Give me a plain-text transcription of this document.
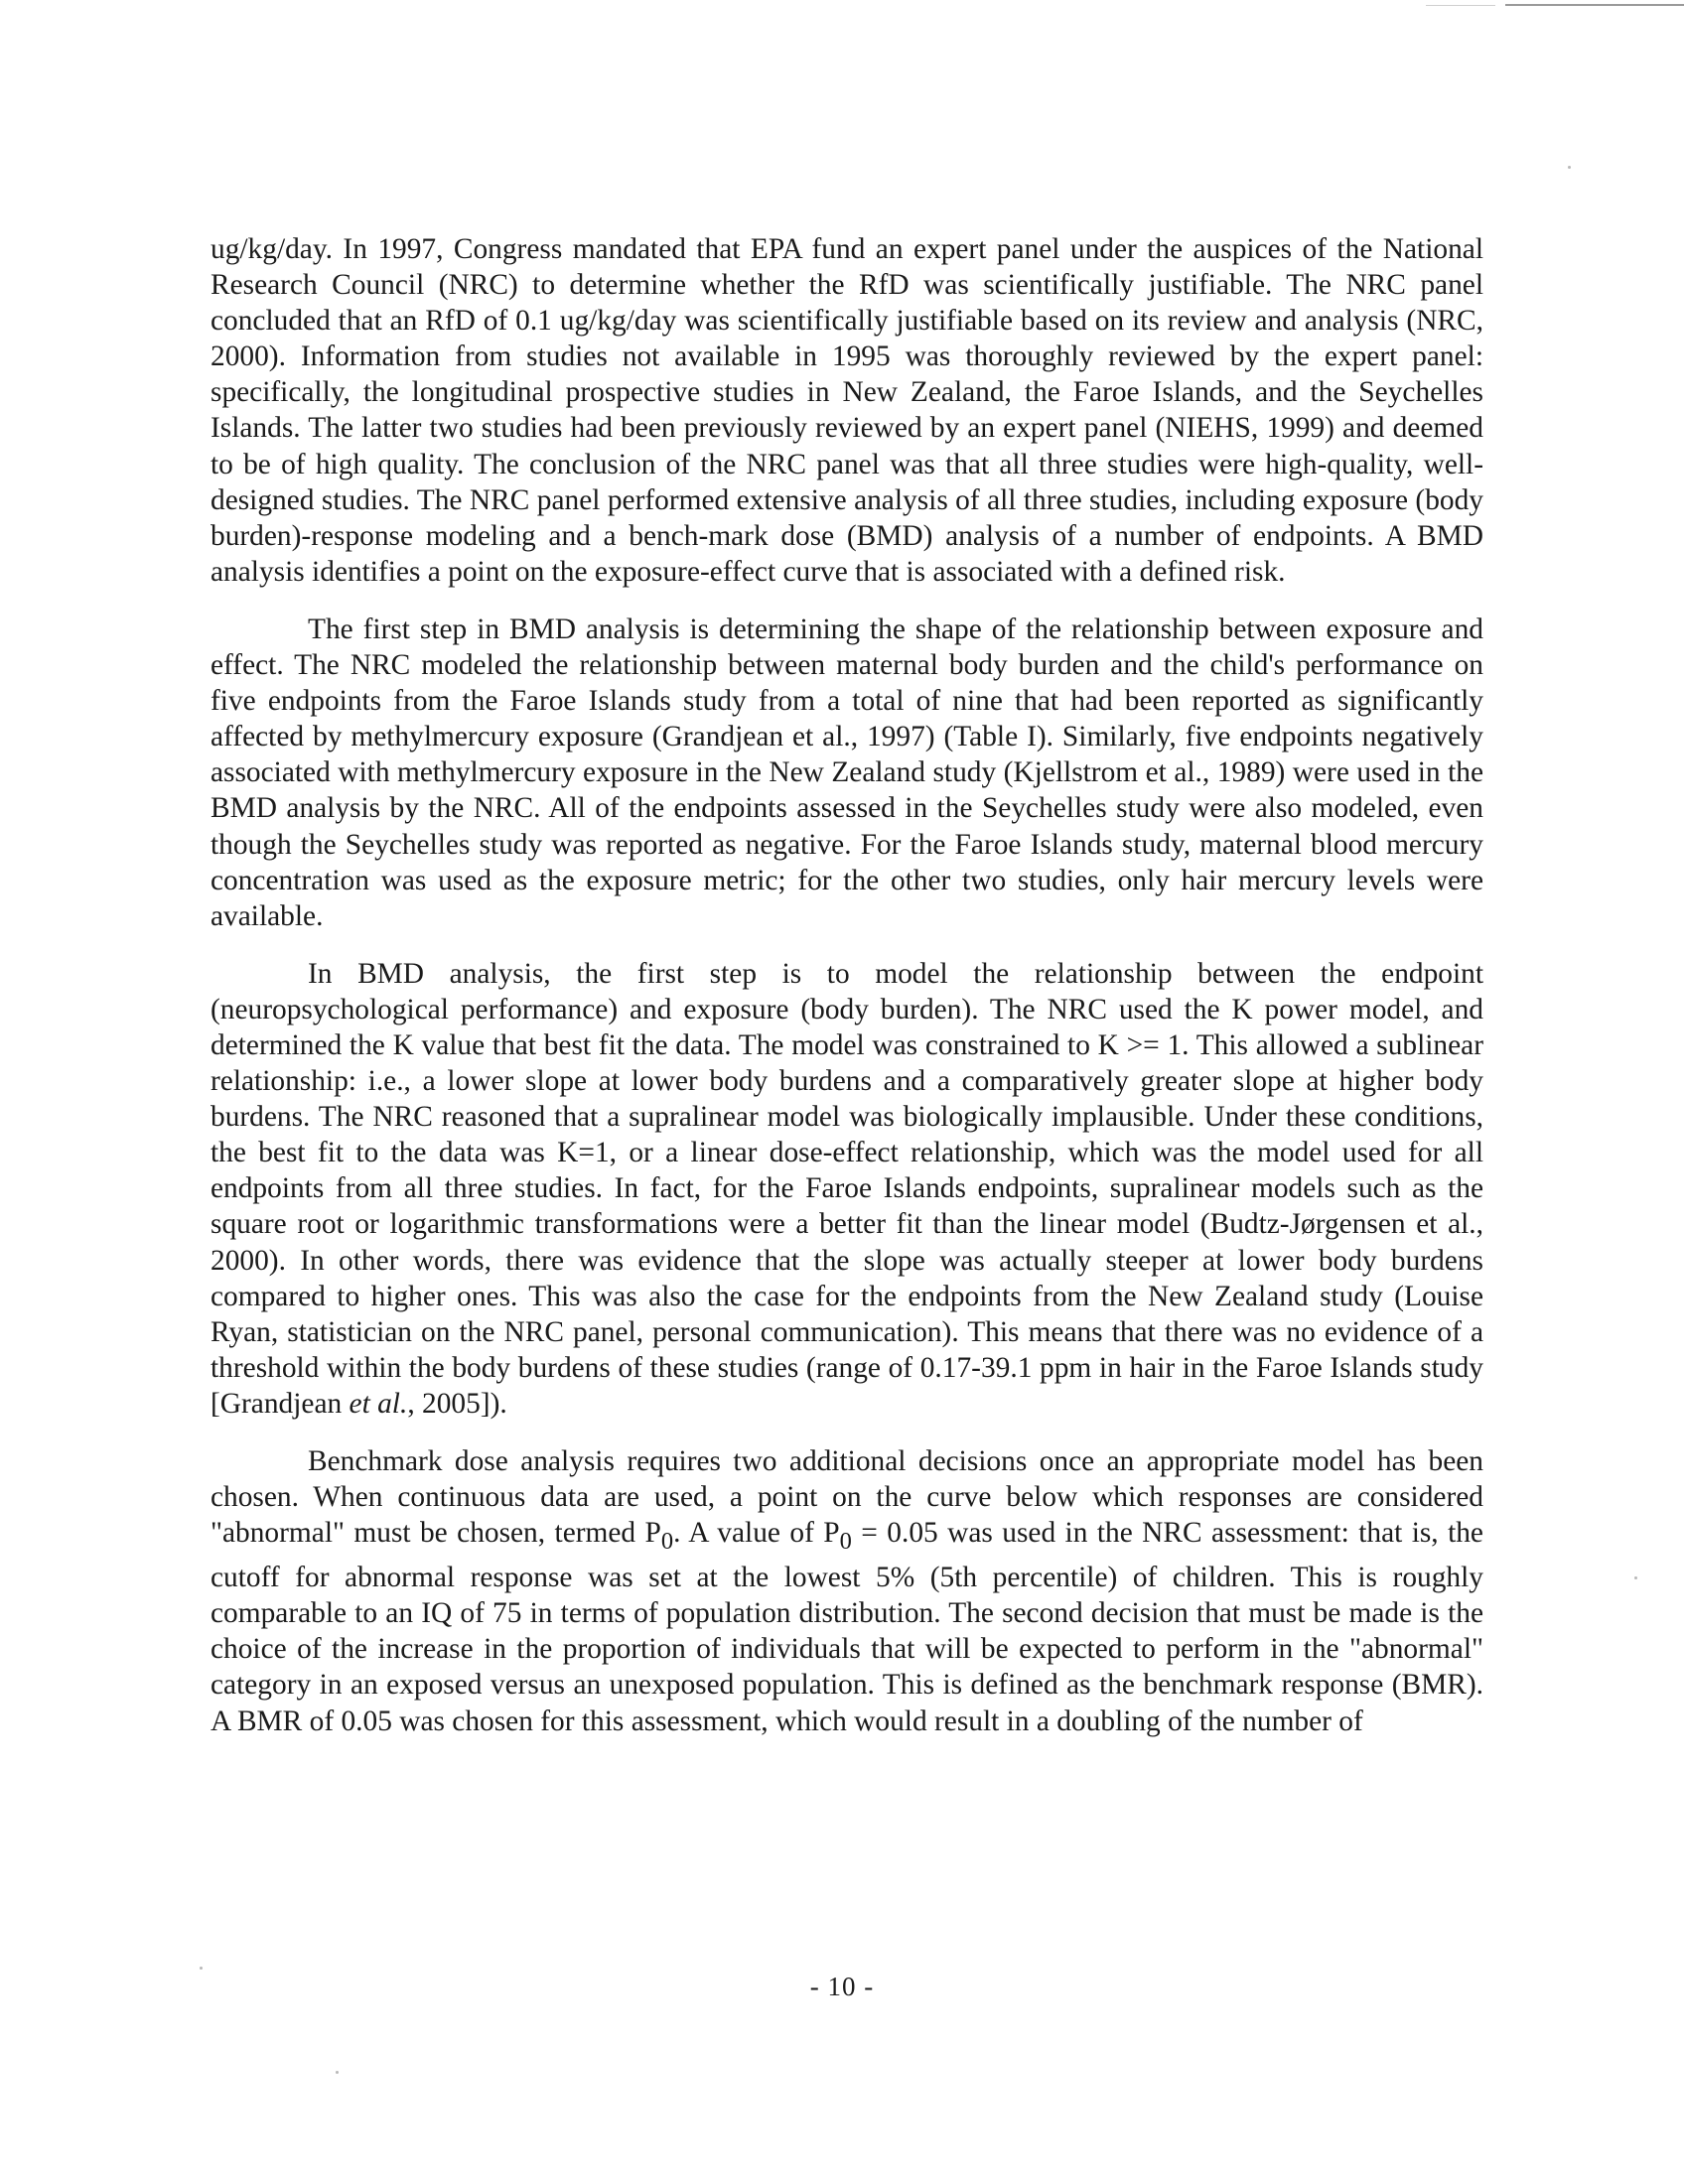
ug/kg/day. In 1997, Congress mandated that EPA fund an expert panel under the auspices of the National Research Council (NRC) to determine whether the RfD was scientifically justifiable. The NRC panel concluded that an RfD of 0.1 ug/kg/day was scientifically justifiable based on its review and analysis (NRC, 2000). Information from studies not available in 1995 was thoroughly reviewed by the expert panel: specifically, the longitudinal prospective studies in New Zealand, the Faroe Islands, and the Seychelles Islands. The latter two studies had been previously reviewed by an expert panel (NIEHS, 1999) and deemed to be of high quality. The conclusion of the NRC panel was that all three studies were high-quality, well-designed studies. The NRC panel performed extensive analysis of all three studies, including exposure (body burden)-response modeling and a bench-mark dose (BMD) analysis of a number of endpoints. A BMD analysis identifies a point on the exposure-effect curve that is associated with a defined risk.

The first step in BMD analysis is determining the shape of the relationship between exposure and effect. The NRC modeled the relationship between maternal body burden and the child's performance on five endpoints from the Faroe Islands study from a total of nine that had been reported as significantly affected by methylmercury exposure (Grandjean et al., 1997) (Table I). Similarly, five endpoints negatively associated with methylmercury exposure in the New Zealand study (Kjellstrom et al., 1989) were used in the BMD analysis by the NRC. All of the endpoints assessed in the Seychelles study were also modeled, even though the Seychelles study was reported as negative. For the Faroe Islands study, maternal blood mercury concentration was used as the exposure metric; for the other two studies, only hair mercury levels were available.

In BMD analysis, the first step is to model the relationship between the endpoint (neuropsychological performance) and exposure (body burden). The NRC used the K power model, and determined the K value that best fit the data. The model was constrained to K >= 1. This allowed a sublinear relationship: i.e., a lower slope at lower body burdens and a comparatively greater slope at higher body burdens. The NRC reasoned that a supralinear model was biologically implausible. Under these conditions, the best fit to the data was K=1, or a linear dose-effect relationship, which was the model used for all endpoints from all three studies. In fact, for the Faroe Islands endpoints, supralinear models such as the square root or logarithmic transformations were a better fit than the linear model (Budtz-Jørgensen et al., 2000). In other words, there was evidence that the slope was actually steeper at lower body burdens compared to higher ones. This was also the case for the endpoints from the New Zealand study (Louise Ryan, statistician on the NRC panel, personal communication). This means that there was no evidence of a threshold within the body burdens of these studies (range of 0.17-39.1 ppm in hair in the Faroe Islands study [Grandjean et al., 2005]).

Benchmark dose analysis requires two additional decisions once an appropriate model has been chosen. When continuous data are used, a point on the curve below which responses are considered "abnormal" must be chosen, termed $P_0$. A value of $P_0 = 0.05$ was used in the NRC assessment: that is, the cutoff for abnormal response was set at the lowest 5% (5th percentile) of children. This is roughly comparable to an IQ of 75 in terms of population distribution. The second decision that must be made is the choice of the increase in the proportion of individuals that will be expected to perform in the "abnormal" category in an exposed versus an unexposed population. This is defined as the benchmark response (BMR). A BMR of 0.05 was chosen for this assessment, which would result in a doubling of the number of

- 10 -
